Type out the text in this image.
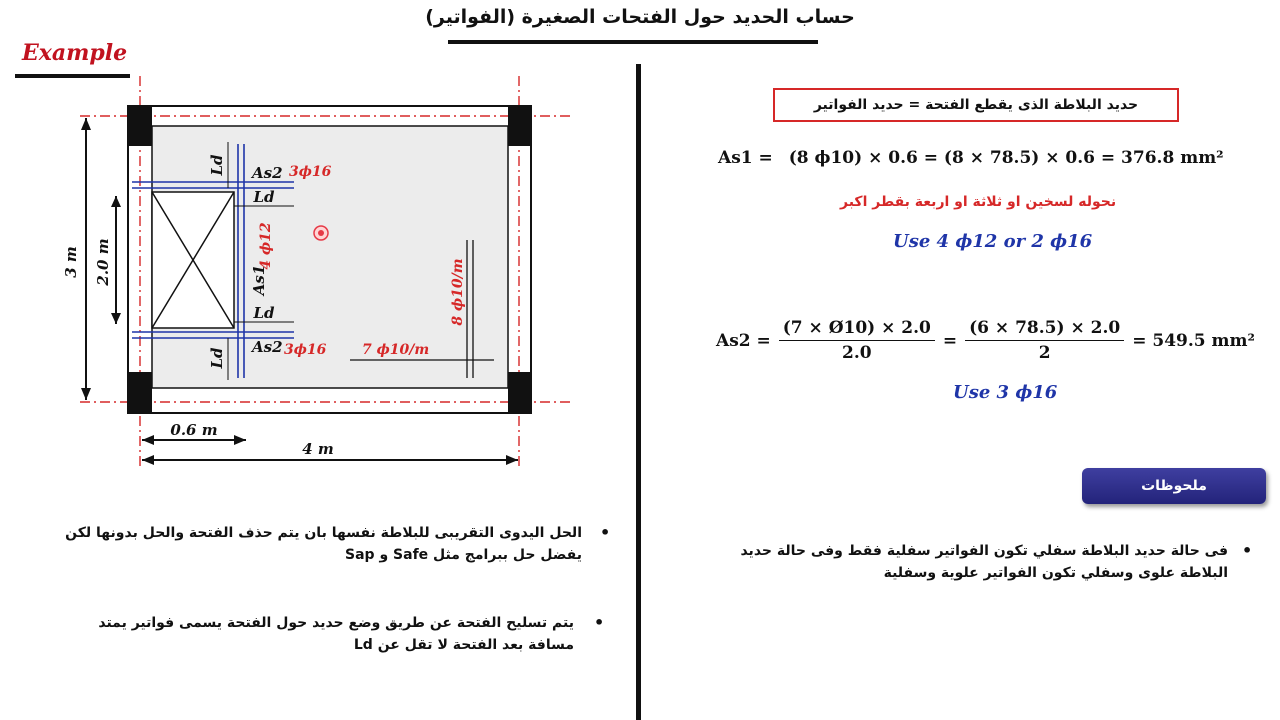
حساب الحديد حول الفتحات الصغيرة (الفواتير)
Example
3 m 2.0 m
0.6 m
4 m
Ld
Ld
Ld
Ld
As2
As2
As1
3ϕ16
3ϕ16
4 ϕ12
8 ϕ10/m
7 ϕ10/m
حديد البلاطة الذى يقطع الفتحة = حديد الفواتير
As1 = (8 ϕ10) × 0.6 = (8 × 78.5) × 0.6 = 376.8 mm²
نحوله لسخين او ثلاثة او اربعة بقطر اكبر
Use 4 ϕ12 or 2 ϕ16
$As2 = \frac{(7 \times Ø10) \times 2.0}{2.0} = \frac{(6 \times 78.5) \times 2.0}{2} = 549.5$ mm²
Use 3 ϕ16
ملحوظات
فى حالة حديد البلاطة سفلي تكون الفواتير سفلية فقط وفى حالة حديد البلاطة علوى وسفلي تكون الفواتير علوية وسفلية
•
الحل اليدوى التقريبى للبلاطة نفسها بان يتم حذف الفتحة والحل بدونها لكن يفضل حل ببرامج مثل Safe و Sap
•
يتم تسليح الفتحة عن طريق وضع حديد حول الفتحة يسمى فواتير يمتد مسافة بعد الفتحة لا تقل عن Ld
•
